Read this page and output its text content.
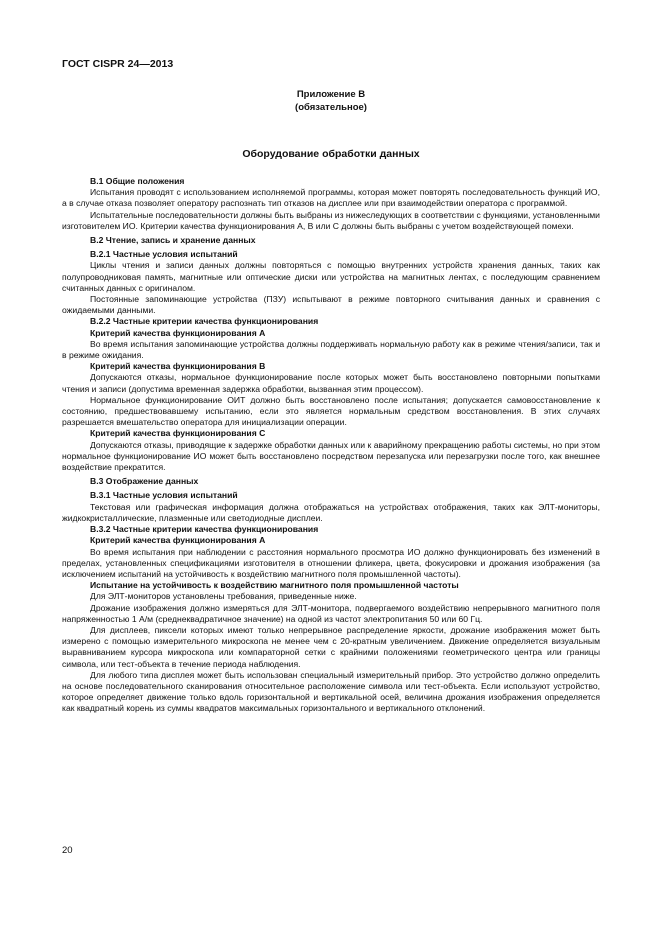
ГОСТ CISPR 24—2013
Приложение В
(обязательное)
Оборудование обработки данных
В.1 Общие положения
Испытания проводят с использованием исполняемой программы, которая может повторять последовательность функций ИО, а в случае отказа позволяет оператору распознать тип отказов на дисплее или при взаимодействии оператора с программой.
Испытательные последовательности должны быть выбраны из нижеследующих в соответствии с функциями, установленными изготовителем ИО. Критерии качества функционирования А, В или С должны быть выбраны с учетом воздействующей помехи.
В.2 Чтение, запись и хранение данных
В.2.1 Частные условия испытаний
Циклы чтения и записи данных должны повторяться с помощью внутренних устройств хранения данных, таких как полупроводниковая память, магнитные или оптические диски или устройства на магнитных лентах, с последующим сравнением считанных данных с оригиналом.
Постоянные запоминающие устройства (ПЗУ) испытывают в режиме повторного считывания данных и сравнения с ожидаемыми данными.
В.2.2 Частные критерии качества функционирования
Критерий качества функционирования А
Во время испытания запоминающие устройства должны поддерживать нормальную работу как в режиме чтения/записи, так и в режиме ожидания.
Критерий качества функционирования В
Допускаются отказы, нормальное функционирование после которых может быть восстановлено повторными попытками чтения и записи (допустима временная задержка обработки, вызванная этим процессом).
Нормальное функционирование ОИТ должно быть восстановлено после испытания; допускается самовосстановление к состоянию, предшествовавшему испытанию, если это является нормальным средством восстановления. В этих случаях разрешается вмешательство оператора для инициализации операции.
Критерий качества функционирования С
Допускаются отказы, приводящие к задержке обработки данных или к аварийному прекращению работы системы, но при этом нормальное функционирование ИО может быть восстановлено посредством перезапуска или перезагрузки после того, как внешнее воздействие прекратится.
В.3 Отображение данных
В.3.1 Частные условия испытаний
Текстовая или графическая информация должна отображаться на устройствах отображения, таких как ЭЛТ-мониторы, жидкокристаллические, плазменные или светодиодные дисплеи.
В.3.2 Частные критерии качества функционирования
Критерий качества функционирования А
Во время испытания при наблюдении с расстояния нормального просмотра ИО должно функционировать без изменений в пределах, установленных спецификациями изготовителя в отношении фликера, цвета, фокусировки и дрожания изображения (за исключением испытаний на устойчивость к воздействию магнитного поля промышленной частоты).
Испытание на устойчивость к воздействию магнитного поля промышленной частоты
Для ЭЛТ-мониторов установлены требования, приведенные ниже.
Дрожание изображения должно измеряться для ЭЛТ-монитора, подвергаемого воздействию непрерывного магнитного поля напряженностью 1 А/м (среднеквадратичное значение) на одной из частот электропитания 50 или 60 Гц.
Для дисплеев, пиксели которых имеют только непрерывное распределение яркости, дрожание изображения может быть измерено с помощью измерительного микроскопа не менее чем с 20-кратным увеличением. Движение определяется визуальным выравниванием курсора микроскопа или компараторной сетки с крайними положениями геометрического центра или границы символа, или тест-объекта в течение периода наблюдения.
Для любого типа дисплея может быть использован специальный измерительный прибор. Это устройство должно определить на основе последовательного сканирования относительное расположение символа или тест-объекта. Если используют устройство, которое определяет движение только вдоль горизонтальной и вертикальной осей, величина дрожания изображения определяется как квадратный корень из суммы квадратов максимальных горизонтального и вертикального отклонений.
20
